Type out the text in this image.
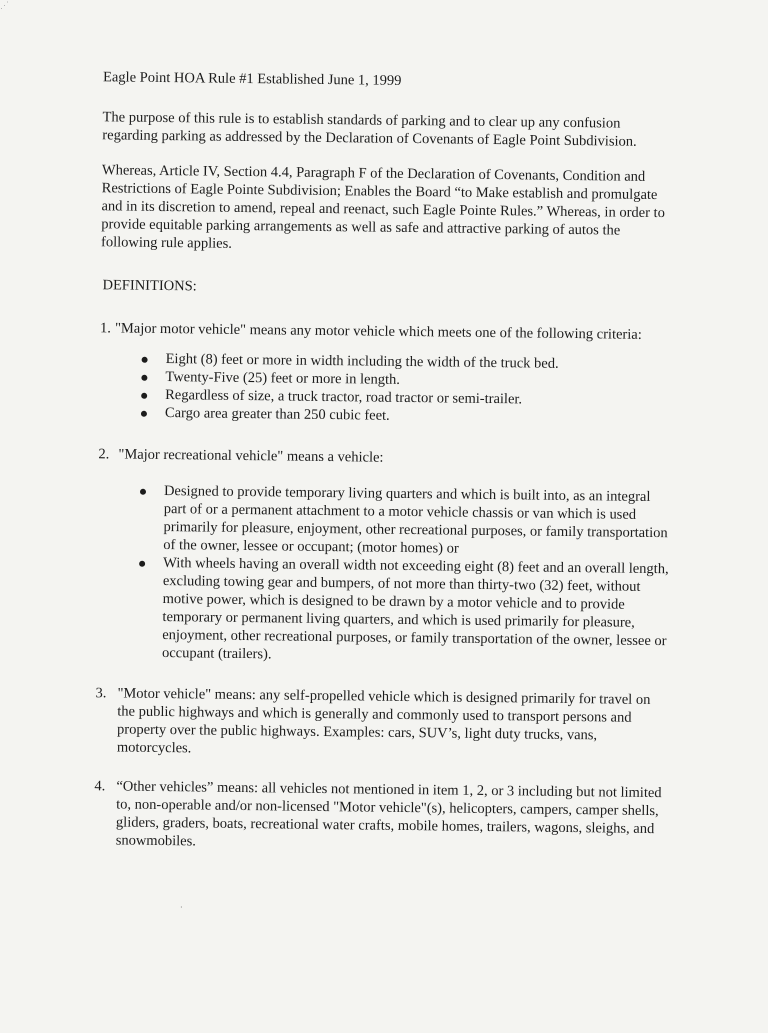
⋰
Eagle Point HOA Rule #1 Established June 1, 1999
The purpose of this rule is to establish standards of parking and to clear up any confusion
regarding parking as addressed by the Declaration of Covenants of Eagle Point Subdivision.
Whereas, Article IV, Section 4.4, Paragraph F of the Declaration of Covenants, Condition and
Restrictions of Eagle Pointe Subdivision; Enables the Board “to Make establish and promulgate
and in its discretion to amend, repeal and reenact, such Eagle Pointe Rules.” Whereas, in order to
provide equitable parking arrangements as well as safe and attractive parking of autos the
following rule applies.
DEFINITIONS:
1. "Major motor vehicle" means any motor vehicle which meets one of the following criteria:
Eight (8) feet or more in width including the width of the truck bed.
Twenty-Five (25) feet or more in length.
Regardless of size, a truck tractor, road tractor or semi-trailer.
Cargo area greater than 250 cubic feet.
2. "Major recreational vehicle" means a vehicle:
Designed to provide temporary living quarters and which is built into, as an integral
part of or a permanent attachment to a motor vehicle chassis or van which is used
primarily for pleasure, enjoyment, other recreational purposes, or family transportation
of the owner, lessee or occupant; (motor homes) or
With wheels having an overall width not exceeding eight (8) feet and an overall length,
excluding towing gear and bumpers, of not more than thirty-two (32) feet, without
motive power, which is designed to be drawn by a motor vehicle and to provide
temporary or permanent living quarters, and which is used primarily for pleasure,
enjoyment, other recreational purposes, or family transportation of the owner, lessee or
occupant (trailers).
3. "Motor vehicle" means: any self-propelled vehicle which is designed primarily for travel on
the public highways and which is generally and commonly used to transport persons and
property over the public highways. Examples: cars, SUV’s, light duty trucks, vans,
motorcycles.
4. “Other vehicles” means: all vehicles not mentioned in item 1, 2, or 3 including but not limited
to, non-operable and/or non-licensed "Motor vehicle"(s), helicopters, campers, camper shells,
gliders, graders, boats, recreational water crafts, mobile homes, trailers, wagons, sleighs, and
snowmobiles.
·
